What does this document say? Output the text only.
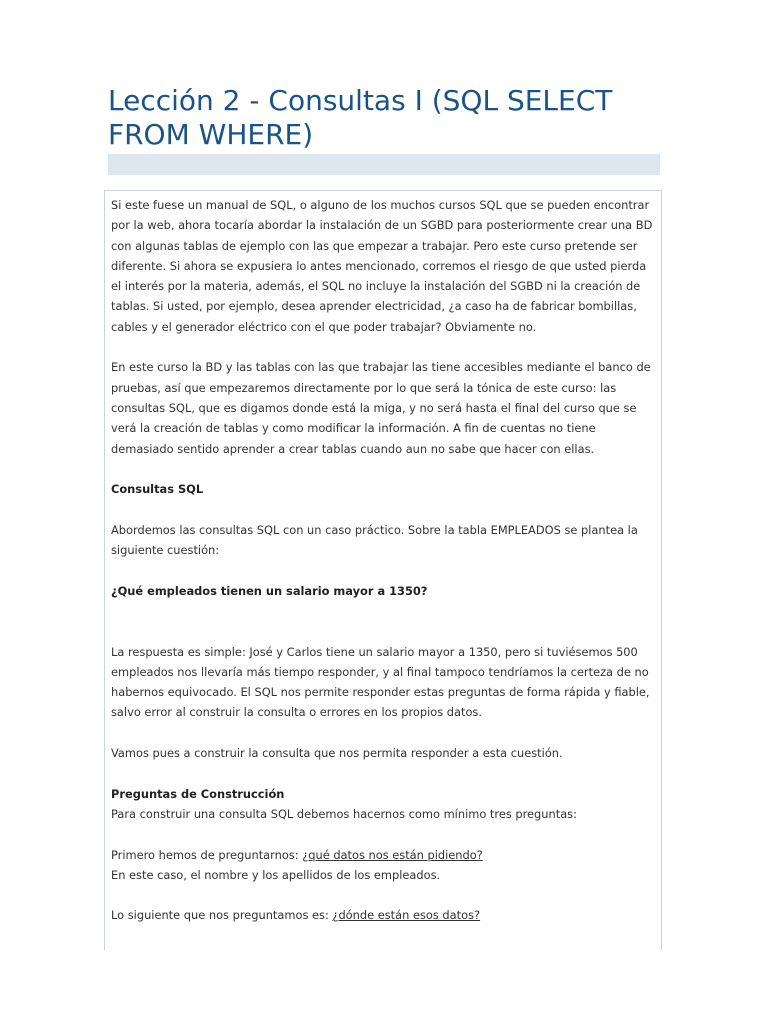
Lección 2 - Consultas I (SQL SELECT FROM WHERE)

Si este fuese un manual de SQL, o alguno de los muchos cursos SQL que se pueden encontrar por la web, ahora tocaría abordar la instalación de un SGBD para posteriormente crear una BD con algunas tablas de ejemplo con las que empezar a trabajar. Pero este curso pretende ser diferente. Si ahora se expusiera lo antes mencionado, corremos el riesgo de que usted pierda el interés por la materia, además, el SQL no incluye la instalación del SGBD ni la creación de tablas. Si usted, por ejemplo, desea aprender electricidad, ¿a caso ha de fabricar bombillas, cables y el generador eléctrico con el que poder trabajar? Obviamente no.

En este curso la BD y las tablas con las que trabajar las tiene accesibles mediante el banco de pruebas, así que empezaremos directamente por lo que será la tónica de este curso: las consultas SQL, que es digamos donde está la miga, y no será hasta el final del curso que se verá la creación de tablas y como modificar la información. A fin de cuentas no tiene demasiado sentido aprender a crear tablas cuando aun no sabe que hacer con ellas.

Consultas SQL

Abordemos las consultas SQL con un caso práctico. Sobre la tabla EMPLEADOS se plantea la siguiente cuestión:

¿Qué empleados tienen un salario mayor a 1350?

La respuesta es simple: José y Carlos tiene un salario mayor a 1350, pero si tuviésemos 500 empleados nos llevaría más tiempo responder, y al final tampoco tendríamos la certeza de no habernos equivocado. El SQL nos permite responder estas preguntas de forma rápida y fiable, salvo error al construir la consulta o errores en los propios datos.

Vamos pues a construir la consulta que nos permita responder a esta cuestión.

Preguntas de Construcción

Para construir una consulta SQL debemos hacernos como mínimo tres preguntas:

Primero hemos de preguntarnos: ¿qué datos nos están pidiendo?

En este caso, el nombre y los apellidos de los empleados.

Lo siguiente que nos preguntamos es: ¿dónde están esos datos?
